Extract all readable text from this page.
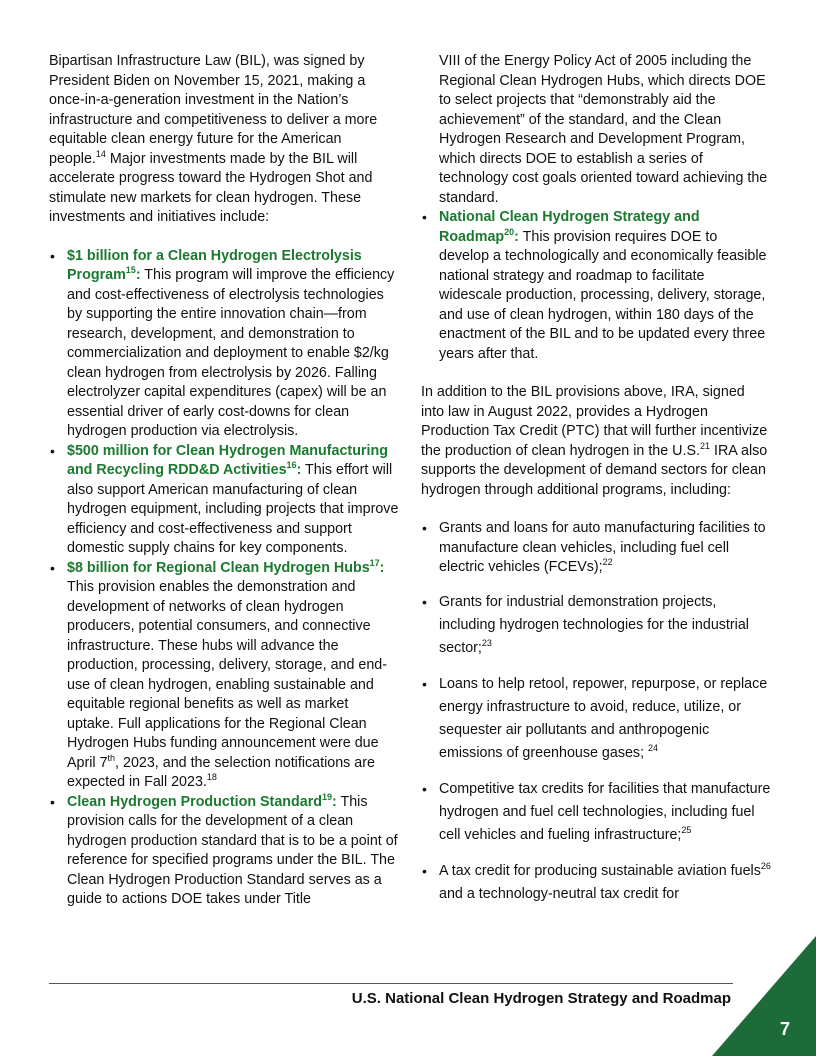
Bipartisan Infrastructure Law (BIL), was signed by President Biden on November 15, 2021, making a once-in-a-generation investment in the Nation’s infrastructure and competitiveness to deliver a more equitable clean energy future for the American people.$^{14}$ Major investments made by the BIL will accelerate progress toward the Hydrogen Shot and stimulate new markets for clean hydrogen. These investments and initiatives include:

• $1 billion for a Clean Hydrogen Electrolysis Program$^{15}$: This program will improve the efficiency and cost-effectiveness of electrolysis technologies by supporting the entire innovation chain—from research, development, and demonstration to commercialization and deployment to enable $2/kg clean hydrogen from electrolysis by 2026. Falling electrolyzer capital expenditures (capex) will be an essential driver of early cost-downs for clean hydrogen production via electrolysis.
• $500 million for Clean Hydrogen Manufacturing and Recycling RDD&D Activities$^{16}$: This effort will also support American manufacturing of clean hydrogen equipment, including projects that improve efficiency and cost-effectiveness and support domestic supply chains for key components.
• $8 billion for Regional Clean Hydrogen Hubs$^{17}$: This provision enables the demonstration and development of networks of clean hydrogen producers, potential consumers, and connective infrastructure. These hubs will advance the production, processing, delivery, storage, and end-use of clean hydrogen, enabling sustainable and equitable regional benefits as well as market uptake. Full applications for the Regional Clean Hydrogen Hubs funding announcement were due April 7th, 2023, and the selection notifications are expected in Fall 2023.18
• Clean Hydrogen Production Standard$^{19}$: This provision calls for the development of a clean hydrogen production standard that is to be a point of reference for specified programs under the BIL. The Clean Hydrogen Production Standard serves as a guide to actions DOE takes under Title

VIII of the Energy Policy Act of 2005 including the Regional Clean Hydrogen Hubs, which directs DOE to select projects that “demonstrably aid the achievement” of the standard, and the Clean Hydrogen Research and Development Program, which directs DOE to establish a series of technology cost goals oriented toward achieving the standard.

• National Clean Hydrogen Strategy and Roadmap$^{20}$: This provision requires DOE to develop a technologically and economically feasible national strategy and roadmap to facilitate widescale production, processing, delivery, storage, and use of clean hydrogen, within 180 days of the enactment of the BIL and to be updated every three years after that.

In addition to the BIL provisions above, IRA, signed into law in August 2022, provides a Hydrogen Production Tax Credit (PTC) that will further incentivize the production of clean hydrogen in the U.S.$^{21}$ IRA also supports the development of demand sectors for clean hydrogen through additional programs, including:

• Grants and loans for auto manufacturing facilities to manufacture clean vehicles, including fuel cell electric vehicles (FCEVs);$^{22}$
• Grants for industrial demonstration projects, including hydrogen technologies for the industrial sector;$^{23}$
• Loans to help retool, repower, repurpose, or replace energy infrastructure to avoid, reduce, utilize, or sequester air pollutants and anthropogenic emissions of greenhouse gases; $^{24}$
• Competitive tax credits for facilities that manufacture hydrogen and fuel cell technologies, including fuel cell vehicles and fueling infrastructure;$^{25}$
• A tax credit for producing sustainable aviation fuels$^{26}$ and a technology-neutral tax credit for
U.S. National Clean Hydrogen Strategy and Roadmap
7
